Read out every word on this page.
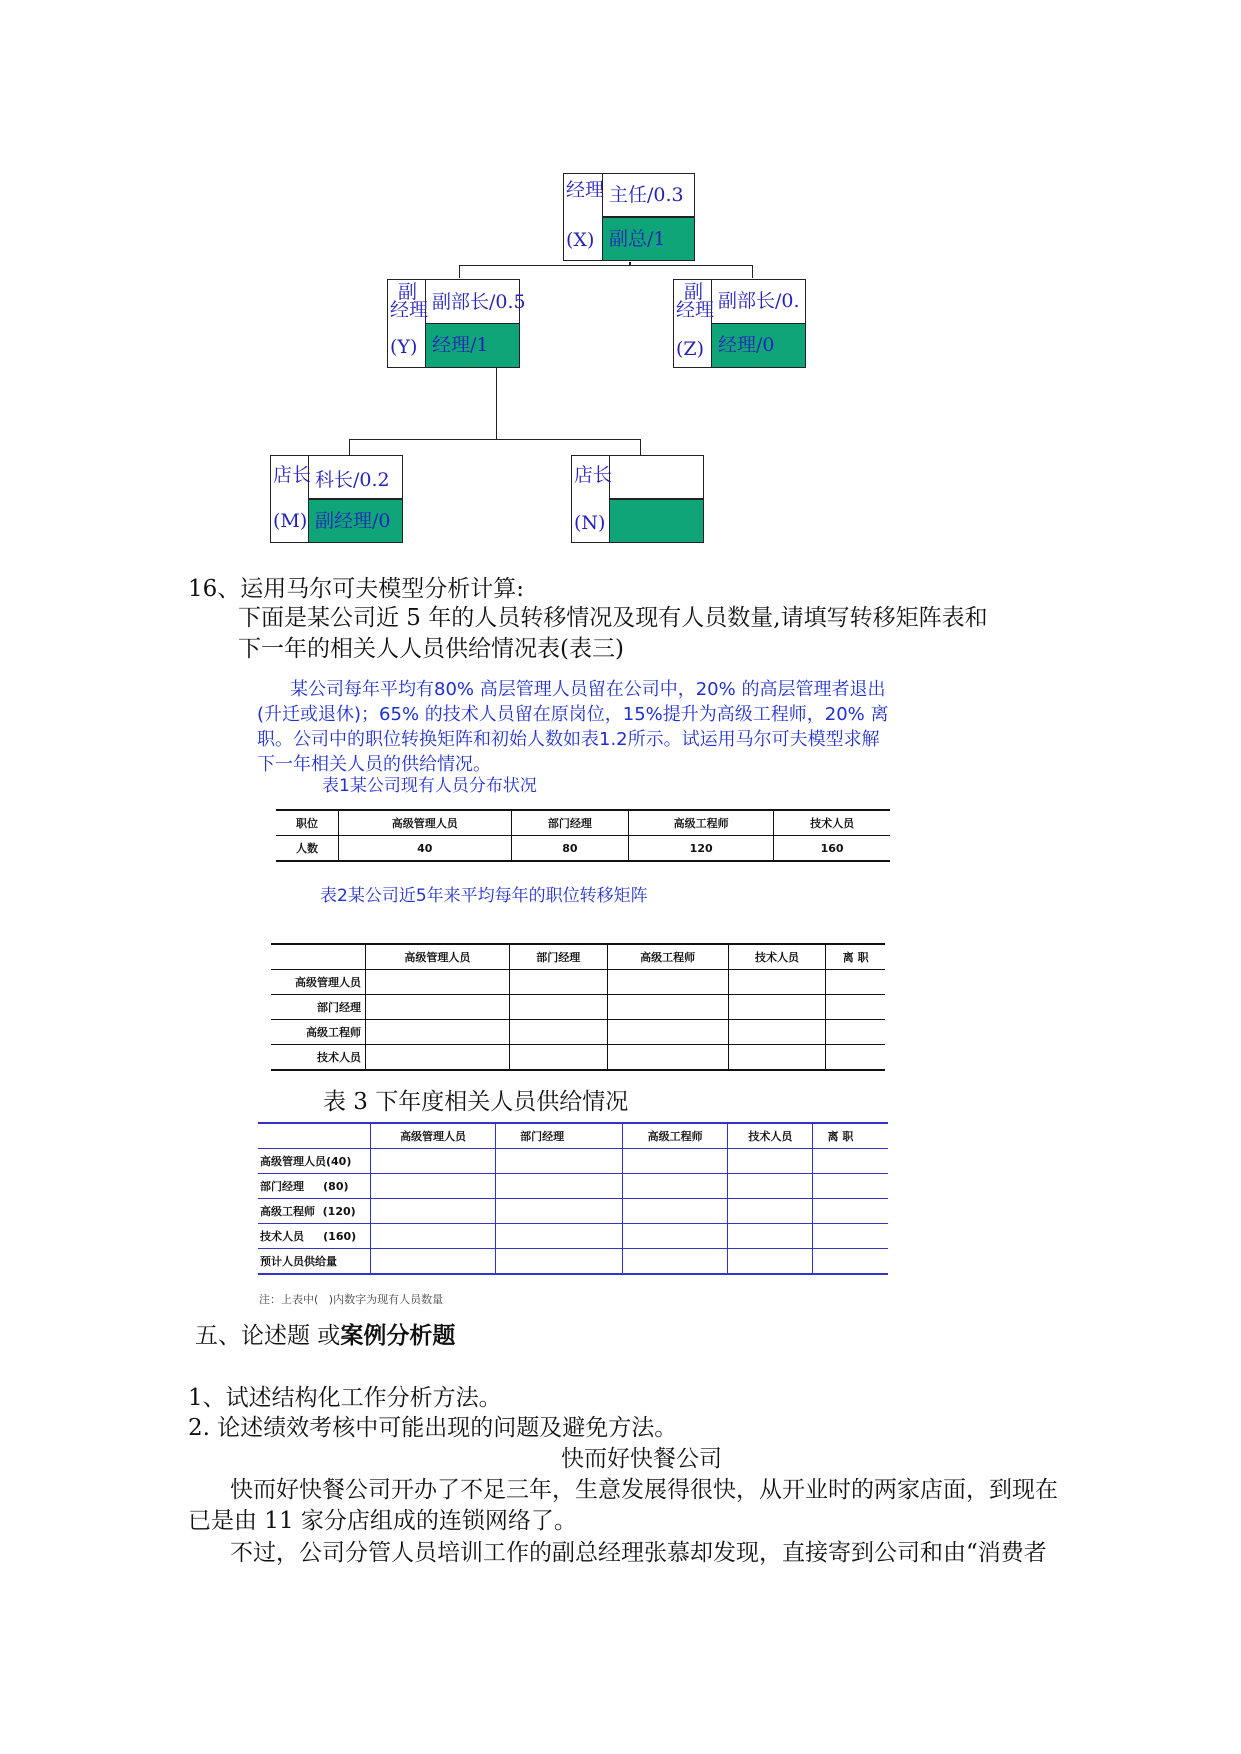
经理
(X)
主任/0.3
副总/1
副
经理
(Y)
副部长/0.5
经理/1
副
经理
(Z)
副部长/0.
经理/0
店长
(M)
科长/0.2
副经理/0
店长
(N)
16、运用马尔可夫模型分析计算:
下面是某公司近 5 年的人员转移情况及现有人员数量,请填写转移矩阵表和
下一年的相关人人员供给情况表(表三)
某公司每年平均有80% 高层管理人员留在公司中，20% 的高层管理者退出
(升迁或退休)；65% 的技术人员留在原岗位，15%提升为高级工程师，20% 离
职。公司中的职位转换矩阵和初始人数如表1.2所示。试运用马尔可夫模型求解
下一年相关人员的供给情况。
表1某公司现有人员分布状况
职位	高级管理人员	部门经理	高级工程师	技术人员
人数	40	80	120	160
表2某公司近5年来平均每年的职位转移矩阵
	高级管理人员	部门经理	高级工程师	技术人员	离 职
高级管理人员					
部门经理					
高级工程师					
技术人员					
表 3 下年度相关人员供给情况
	高级管理人员	部门经理	高级工程师	技术人员	离 职
高级管理人员(40)					
部门经理     (80)					
高级工程师  (120)					
技术人员     (160)					
预计人员供给量					
注：上表中(   )内数字为现有人员数量
五、论述题 或案例分析题
1、试述结构化工作分析方法。
2. 论述绩效考核中可能出现的问题及避免方法。
快而好快餐公司
快而好快餐公司开办了不足三年，生意发展得很快，从开业时的两家店面，到现在
已是由 11 家分店组成的连锁网络了。
不过，公司分管人员培训工作的副总经理张慕却发现，直接寄到公司和由“消费者
